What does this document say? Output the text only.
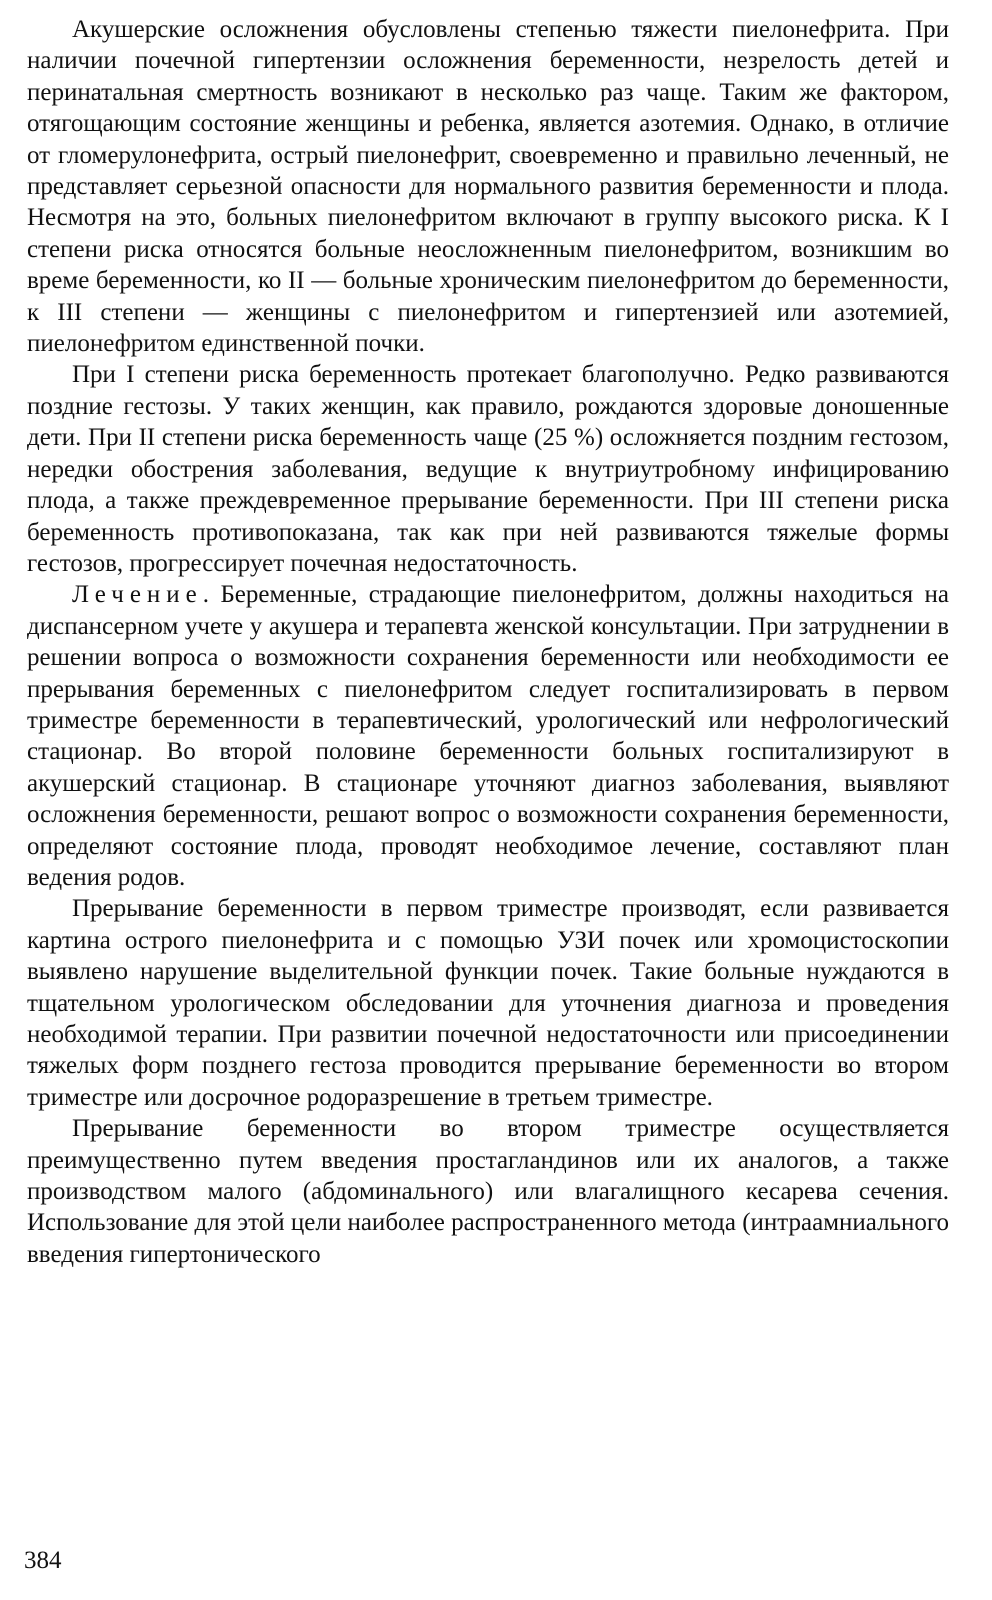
Акушерские осложнения обусловлены степенью тяжести пиелонефрита. При наличии почечной гипертензии осложнения беременности, незрелость детей и перинатальная смертность возникают в несколько раз чаще. Таким же фактором, отягощающим состояние женщины и ребенка, является азотемия. Однако, в отличие от гломерулонефрита, острый пиелонефрит, своевременно и правильно леченный, не представляет серьезной опасности для нормального развития беременности и плода. Несмотря на это, больных пиелонефритом включают в группу высокого риска. К I степени риска относятся больные неосложненным пиелонефритом, возникшим во време беременности, ко II — больные хроническим пиелонефритом до беременности, к III степени — женщины с пиелонефритом и гипертензией или азотемией, пиелонефритом единственной почки.

При I степени риска беременность протекает благополучно. Редко развиваются поздние гестозы. У таких женщин, как правило, рождаются здоровые доношенные дети. При II степени риска беременность чаще (25 %) осложняется поздним гестозом, нередки обострения заболевания, ведущие к внутриутробному инфицированию плода, а также преждевременное прерывание беременности. При III степени риска беременность противопоказана, так как при ней развиваются тяжелые формы гестозов, прогрессирует почечная недостаточность.

Лечение. Беременные, страдающие пиелонефритом, должны находиться на диспансерном учете у акушера и терапевта женской консультации. При затруднении в решении вопроса о возможности сохранения беременности или необходимости ее прерывания беременных с пиелонефритом следует госпитализировать в первом триместре беременности в терапевтический, урологический или нефрологический стационар. Во второй половине беременности больных госпитализируют в акушерский стационар. В стационаре уточняют диагноз заболевания, выявляют осложнения беременности, решают вопрос о возможности сохранения беременности, определяют состояние плода, проводят необходимое лечение, составляют план ведения родов.

Прерывание беременности в первом триместре производят, если развивается картина острого пиелонефрита и с помощью УЗИ почек или хромоцистоскопии выявлено нарушение выделительной функции почек. Такие больные нуждаются в тщательном урологическом обследовании для уточнения диагноза и проведения необходимой терапии. При развитии почечной недостаточности или присоединении тяжелых форм позднего гестоза проводится прерывание беременности во втором триместре или досрочное родоразрешение в третьем триместре.

Прерывание беременности во втором триместре осуществляется преимущественно путем введения простагландинов или их аналогов, а также производством малого (абдоминального) или влагалищного кесарева сечения. Использование для этой цели наиболее распространенного метода (интраамниального введения гипертонического

384
